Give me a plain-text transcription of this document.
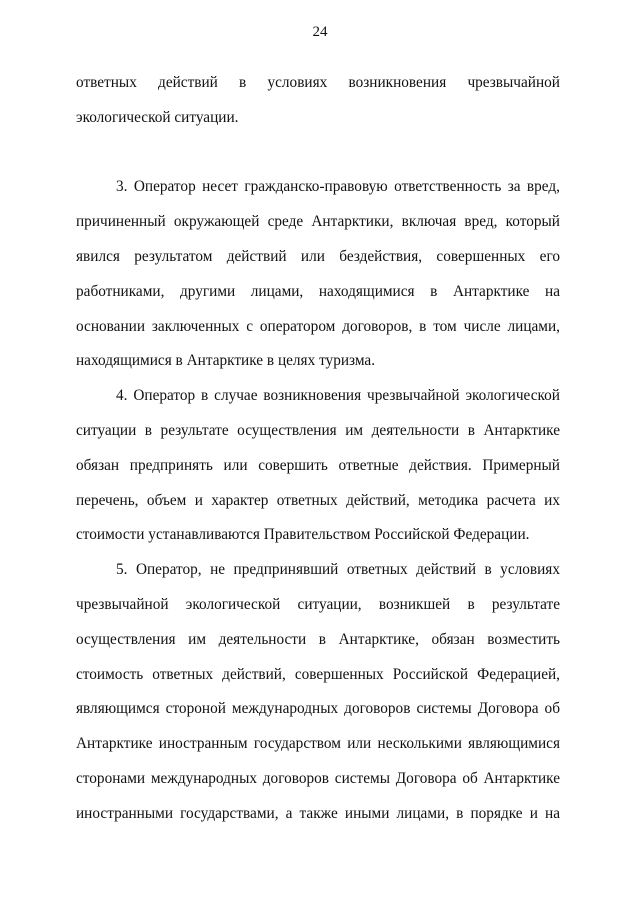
24

ответных действий в условиях возникновения чрезвычайной экологической ситуации.

3. Оператор несет гражданско-правовую ответственность за вред, причиненный окружающей среде Антарктики, включая вред, который явился результатом действий или бездействия, совершенных его работниками, другими лицами, находящимися в Антарктике на основании заключенных с оператором договоров, в том числе лицами, находящимися в Антарктике в целях туризма.

4. Оператор в случае возникновения чрезвычайной экологической ситуации в результате осуществления им деятельности в Антарктике обязан предпринять или совершить ответные действия. Примерный перечень, объем и характер ответных действий, методика расчета их стоимости устанавливаются Правительством Российской Федерации.

5. Оператор, не предпринявший ответных действий в условиях чрезвычайной экологической ситуации, возникшей в результате осуществления им деятельности в Антарктике, обязан возместить стоимость ответных действий, совершенных Российской Федерацией, являющимся стороной международных договоров системы Договора об Антарктике иностранным государством или несколькими являющимися сторонами международных договоров системы Договора об Антарктике иностранными государствами, а также иными лицами, в порядке и на
